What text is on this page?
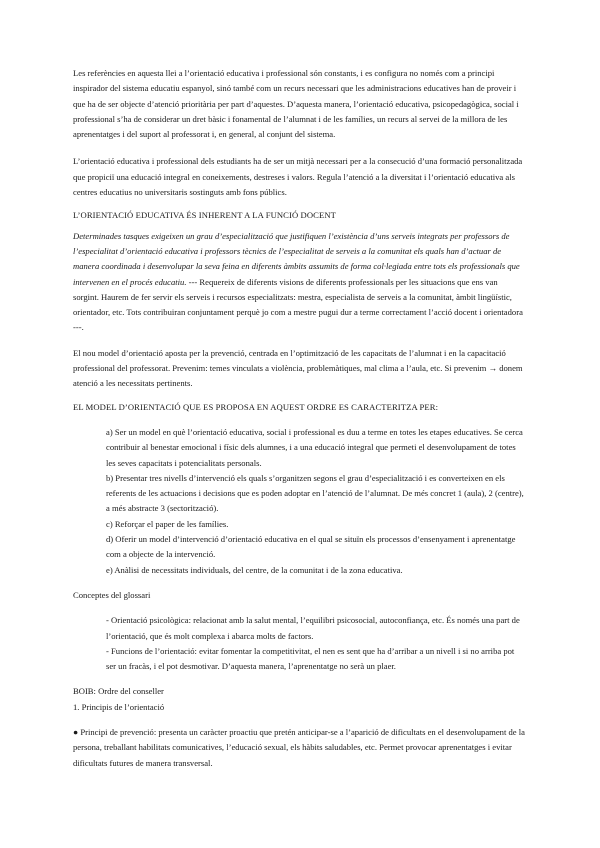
Les referències en aquesta llei a l’orientació educativa i professional són constants, i es configura no només com a principi inspirador del sistema educatiu espanyol, sinó també com un recurs necessari que les administracions educatives han de proveir i que ha de ser objecte d’atenció prioritària per part d’aquestes. D’aquesta manera, l’orientació educativa, psicopedagògica, social i professional s’ha de considerar un dret bàsic i fonamental de l’alumnat i de les famílies, un recurs al servei de la millora de les aprenentatges i del suport al professorat i, en general, al conjunt del sistema.

L’orientació educativa i professional dels estudiants ha de ser un mitjà necessari per a la consecució d’una formació personalitzada que propiciï una educació integral en coneixements, destreses i valors. Regula l’atenció a la diversitat i l’orientació educativa als centres educatius no universitaris sostinguts amb fons públics.

L’ORIENTACIÓ EDUCATIVA ÉS INHERENT A LA FUNCIÓ DOCENT

Determinades tasques exigeixen un grau d’especialització que justifiquen l’existència d’uns serveis integrats per professors de l’especialitat d’orientació educativa i professors tècnics de l’especialitat de serveis a la comunitat els quals han d’actuar de manera coordinada i desenvolupar la seva feina en diferents àmbits assumits de forma col·legiada entre tots els professionals que intervenen en el procés educatiu. --- Requereix de diferents visions de diferents professionals per les situacions que ens van sorgint. Haurem de fer servir els serveis i recursos especialitzats: mestra, especialista de serveis a la comunitat, àmbit lingüístic, orientador, etc. Tots contribuiran conjuntament perquè jo com a mestre pugui dur a terme correctament l’acció docent i orientadora ---.

El nou model d’orientació aposta per la prevenció, centrada en l’optimització de les capacitats de l’alumnat i en la capacitació professional del professorat. Prevenim: temes vinculats a violència, problemàtiques, mal clima a l’aula, etc. Si prevenim → donem atenció a les necessitats pertinents.

EL MODEL D’ORIENTACIÓ QUE ES PROPOSA EN AQUEST ORDRE ES CARACTERITZA PER:

a) Ser un model en què l’orientació educativa, social i professional es duu a terme en totes les etapes educatives. Se cerca contribuir al benestar emocional i físic dels alumnes, i a una educació integral que permeti el desenvolupament de totes les seves capacitats i potencialitats personals.

b) Presentar tres nivells d’intervenció els quals s’organitzen segons el grau d’especialització i es converteixen en els referents de les actuacions i decisions que es poden adoptar en l’atenció de l’alumnat. De més concret 1 (aula), 2 (centre), a més abstracte 3 (sectorització).

c) Reforçar el paper de les famílies.

d) Oferir un model d’intervenció d’orientació educativa en el qual se situïn els processos d’ensenyament i aprenentatge com a objecte de la intervenció.

e) Anàlisi de necessitats individuals, del centre, de la comunitat i de la zona educativa.

Conceptes del glossari

- Orientació psicològica: relacionat amb la salut mental, l’equilibri psicosocial, autoconfiança, etc. És només una part de l’orientació, que és molt complexa i abarca molts de factors.

- Funcions de l’orientació: evitar fomentar la competitivitat, el nen es sent que ha d’arribar a un nivell i si no arriba pot ser un fracàs, i el pot desmotivar. D’aquesta manera, l’aprenentatge no serà un plaer.

BOIB: Ordre del conseller

1. Principis de l’orientació

● Principi de prevenció: presenta un caràcter proactiu que pretén anticipar-se a l’aparició de dificultats en el desenvolupament de la persona, treballant habilitats comunicatives, l’educació sexual, els hàbits saludables, etc. Permet provocar aprenentatges i evitar dificultats futures de manera transversal.
